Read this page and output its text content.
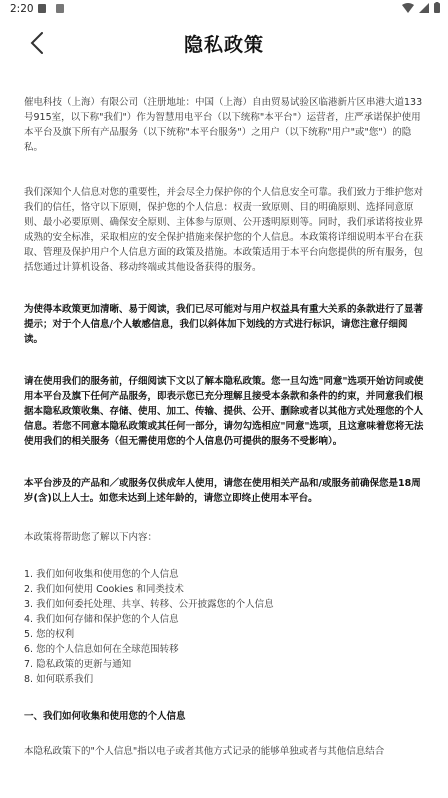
2:20
隐私政策

催电科技（上海）有限公司（注册地址：中国（上海）自由贸易试验区临港新片区串港大道133号915室，以下称"我们"）作为智慧用电平台（以下统称"本平台"）运营者，庄严承诺保护使用本平台及旗下所有产品服务（以下统称"本平台服务"）之用户（以下统称"用户"或"您"）的隐私。

我们深知个人信息对您的重要性，并会尽全力保护你的个人信息安全可靠。我们致力于维护您对我们的信任，恪守以下原则，保护您的个人信息：权责一致原则、目的明确原则、选择同意原则、最小必要原则、确保安全原则、主体参与原则、公开透明原则等。同时，我们承诺将按业界成熟的安全标准，采取相应的安全保护措施来保护您的个人信息。本政策将详细说明本平台在获取、管理及保护用户个人信息方面的政策及措施。本政策适用于本平台向您提供的所有服务，包括您通过计算机设备、移动终端或其他设备获得的服务。

为使得本政策更加清晰、易于阅读，我们已尽可能对与用户权益具有重大关系的条款进行了显著提示；对于个人信息/个人敏感信息，我们以斜体加下划线的方式进行标识，请您注意仔细阅读。

请在使用我们的服务前，仔细阅读下文以了解本隐私政策。您一旦勾选"同意"选项开始访问或使用本平台及旗下任何产品服务，即表示您已充分理解且接受本条款和条件的约束，并同意我们根据本隐私政策收集、存储、使用、加工、传输、提供、公开、删除或者以其他方式处理您的个人信息。若您不同意本隐私政策或其任何一部分，请勿勾选相应"同意"选项，且这意味着您将无法使用我们的相关服务（但无需使用您的个人信息仍可提供的服务不受影响）。

本平台涉及的产品和／或服务仅供成年人使用，请您在使用相关产品和/或服务前确保您是18周岁(含)以上人士。如您未达到上述年龄的，请您立即终止使用本平台。

本政策将帮助您了解以下内容：

1. 我们如何收集和使用您的个人信息

2. 我们如何使用 Cookies 和同类技术

3. 我们如何委托处理、共享、转移、公开披露您的个人信息

4. 我们如何存储和保护您的个人信息

5. 您的权利

6. 您的个人信息如何在全球范围转移

7. 隐私政策的更新与通知

8. 如何联系我们

一、我们如何收集和使用您的个人信息

本隐私政策下的"个人信息"指以电子或者其他方式记录的能够单独或者与其他信息结合
